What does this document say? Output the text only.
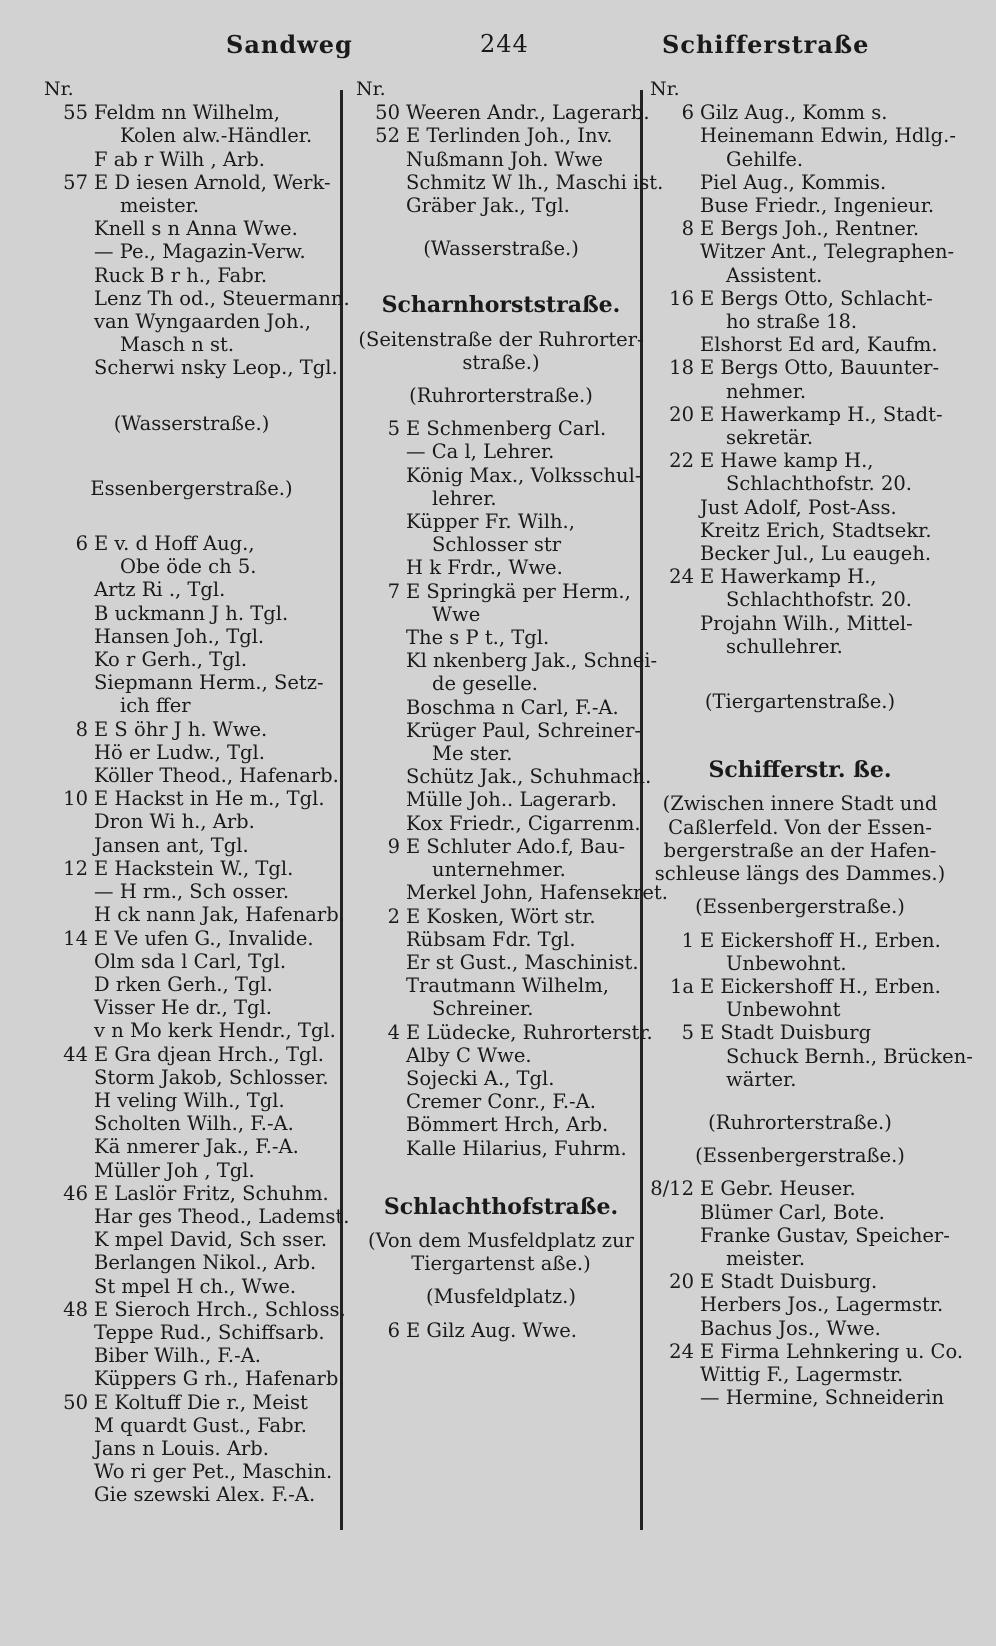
Sandweg	244	Schifferstraße
Nr.
55 Feldm nn Wilhelm,
Kolen alw.-Händler.
F ab r Wilh , Arb.
57 E D iesen Arnold, Werk-
meister.
Knell s n Anna Wwe.
— Pe., Magazin-Verw.
Ruck B r h., Fabr.
Lenz Th od., Steuermann.
van Wyngaarden Joh.,
Masch n st.
Scherwi nsky Leop., Tgl.
(Wasserstraße.)
Essenbergerstraße.)
6 E v. d Hoff Aug.,
Obe öde ch 5.
Artz Ri ., Tgl.
B uckmann J h. Tgl.
Hansen Joh., Tgl.
Ko r Gerh., Tgl.
Siepmann Herm., Setz-
ich ffer
8 E S öhr J h. Wwe.
Hö er Ludw., Tgl.
Köller Theod., Hafenarb.
10 E Hackst in He m., Tgl.
Dron Wi h., Arb.
Jansen ant, Tgl.
12 E Hackstein W., Tgl.
— H rm., Sch osser.
H ck nann Jak, Hafenarb.
14 E Ve ufen G., Invalide.
Olm sda l Carl, Tgl.
D rken Gerh., Tgl.
Visser He dr., Tgl.
v n Mo kerk Hendr., Tgl.
44 E Gra djean Hrch., Tgl.
Storm Jakob, Schlosser.
H veling Wilh., Tgl.
Scholten Wilh., F.-A.
Kä nmerer Jak., F.-A.
Müller Joh , Tgl.
46 E Laslör Fritz, Schuhm.
Har ges Theod., Lademst.
K mpel David, Sch sser.
Berlangen Nikol., Arb.
St mpel H ch., Wwe.
48 E Sieroch Hrch., Schloss.
Teppe Rud., Schiffsarb.
Biber Wilh., F.-A.
Küppers G rh., Hafenarb.
50 E Koltuff Die r., Meist
M quardt Gust., Fabr.
Jans n Louis. Arb.
Wo ri ger Pet., Maschin.
Gie szewski Alex. F.-A.
Nr.
50 Weeren Andr., Lagerarb.
52 E Terlinden Joh., Inv.
Nußmann Joh. Wwe
Schmitz W lh., Maschi ist.
Gräber Jak., Tgl.
(Wasserstraße.)
Scharnhorststraße.
(Seitenstraße der Ruhrorter-
straße.)
(Ruhrorterstraße.)
5 E Schmenberg Carl.
— Ca l, Lehrer.
König Max., Volksschul-
lehrer.
Küpper Fr. Wilh.,
Schlosser str
H k Frdr., Wwe.
7 E Springkä per Herm.,
Wwe
The s P t., Tgl.
Kl nkenberg Jak., Schnei-
de geselle.
Boschma n Carl, F.-A.
Krüger Paul, Schreiner-
Me ster.
Schütz Jak., Schuhmach.
Mülle Joh.. Lagerarb.
Kox Friedr., Cigarrenm.
9 E Schluter Ado.f, Bau-
unternehmer.
Merkel John, Hafensekret.
2 E Kosken, Wört str.
Rübsam Fdr. Tgl.
Er st Gust., Maschinist.
Trautmann Wilhelm,
Schreiner.
4 E Lüdecke, Ruhrorterstr.
Alby C Wwe.
Sojecki A., Tgl.
Cremer Conr., F.-A.
Bömmert Hrch, Arb.
Kalle Hilarius, Fuhrm.
Schlachthofstraße.
(Von dem Musfeldplatz zur
Tiergartenst aße.)
(Musfeldplatz.)
6 E Gilz Aug. Wwe.
Nr.
6 Gilz Aug., Komm s.
Heinemann Edwin, Hdlg.-
Gehilfe.
Piel Aug., Kommis.
Buse Friedr., Ingenieur.
8 E Bergs Joh., Rentner.
Witzer Ant., Telegraphen-
Assistent.
16 E Bergs Otto, Schlacht-
ho straße 18.
Elshorst Ed ard, Kaufm.
18 E Bergs Otto, Bauunter-
nehmer.
20 E Hawerkamp H., Stadt-
sekretär.
22 E Hawe kamp H.,
Schlachthofstr. 20.
Just Adolf, Post-Ass.
Kreitz Erich, Stadtsekr.
Becker Jul., Lu eaugeh.
24 E Hawerkamp H.,
Schlachthofstr. 20.
Projahn Wilh., Mittel-
schullehrer.
(Tiergartenstraße.)
Schifferstr. ße.
(Zwischen innere Stadt und
Caßlerfeld. Von der Essen-
bergerstraße an der Hafen-
schleuse längs des Dammes.)
(Essenbergerstraße.)
1 E Eickershoff H., Erben.
Unbewohnt.
1a E Eickershoff H., Erben.
Unbewohnt
5 E Stadt Duisburg
Schuck Bernh., Brücken-
wärter.
(Ruhrorterstraße.)
(Essenbergerstraße.)
8/12 E Gebr. Heuser.
Blümer Carl, Bote.
Franke Gustav, Speicher-
meister.
20 E Stadt Duisburg.
Herbers Jos., Lagermstr.
Bachus Jos., Wwe.
24 E Firma Lehnkering u. Co.
Wittig F., Lagermstr.
— Hermine, Schneiderin
